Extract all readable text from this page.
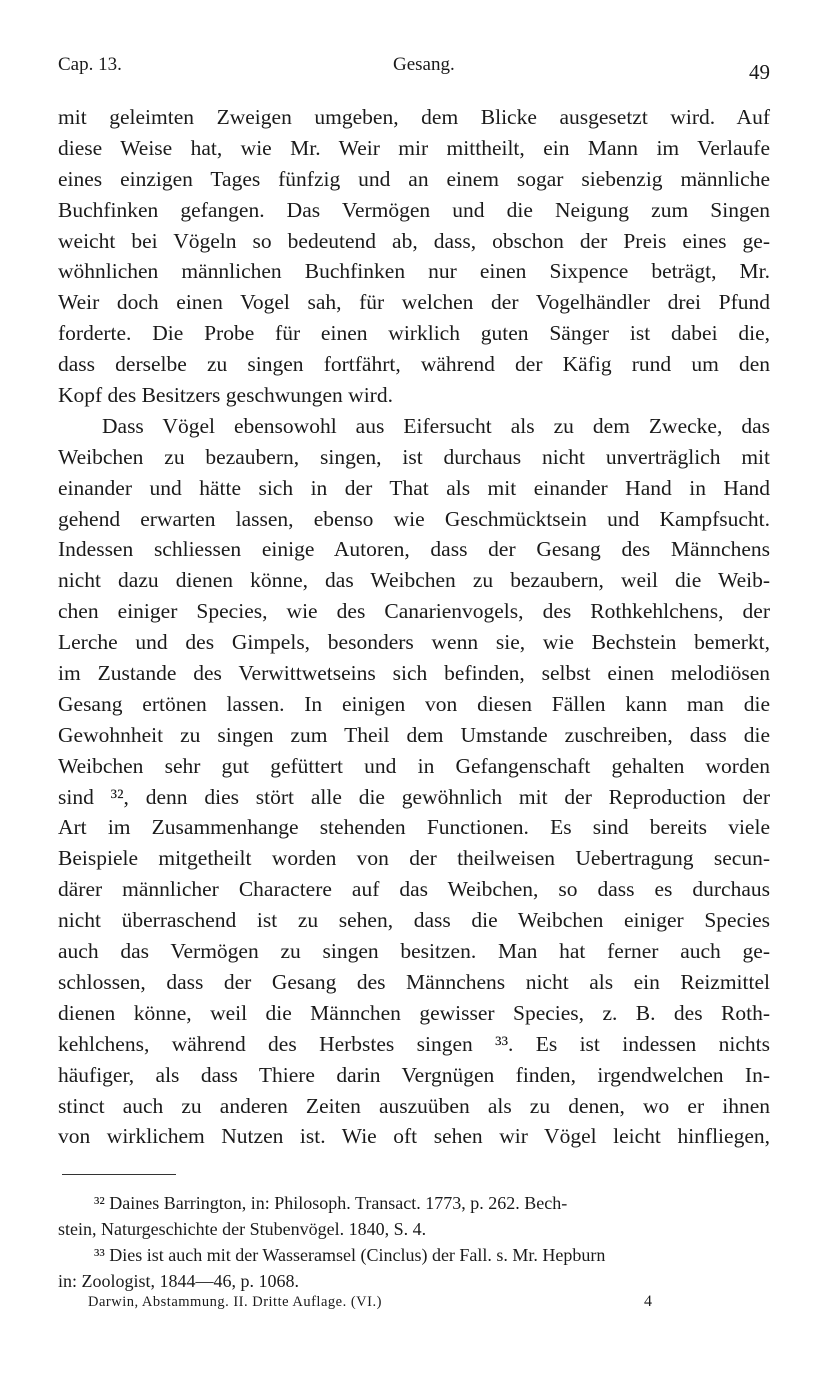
Cap. 13.	Gesang.	49
mit geleimten Zweigen umgeben, dem Blicke ausgesetzt wird. Auf
diese Weise hat, wie Mr. Weir mir mittheilt, ein Mann im Verlaufe
eines einzigen Tages fünfzig und an einem sogar siebenzig männliche
Buchfinken gefangen. Das Vermögen und die Neigung zum Singen
weicht bei Vögeln so bedeutend ab, dass, obschon der Preis eines ge-
wöhnlichen männlichen Buchfinken nur einen Sixpence beträgt, Mr.
Weir doch einen Vogel sah, für welchen der Vogelhändler drei Pfund
forderte. Die Probe für einen wirklich guten Sänger ist dabei die,
dass derselbe zu singen fortfährt, während der Käfig rund um den
Kopf des Besitzers geschwungen wird.
Dass Vögel ebensowohl aus Eifersucht als zu dem Zwecke, das
Weibchen zu bezaubern, singen, ist durchaus nicht unverträglich mit
einander und hätte sich in der That als mit einander Hand in Hand
gehend erwarten lassen, ebenso wie Geschmücktsein und Kampfsucht.
Indessen schliessen einige Autoren, dass der Gesang des Männchens
nicht dazu dienen könne, das Weibchen zu bezaubern, weil die Weib-
chen einiger Species, wie des Canarienvogels, des Rothkehlchens, der
Lerche und des Gimpels, besonders wenn sie, wie Bechstein bemerkt,
im Zustande des Verwittwetseins sich befinden, selbst einen melodiösen
Gesang ertönen lassen. In einigen von diesen Fällen kann man die
Gewohnheit zu singen zum Theil dem Umstande zuschreiben, dass die
Weibchen sehr gut gefüttert und in Gefangenschaft gehalten worden
sind ³², denn dies stört alle die gewöhnlich mit der Reproduction der
Art im Zusammenhange stehenden Functionen. Es sind bereits viele
Beispiele mitgetheilt worden von der theilweisen Uebertragung secun-
därer männlicher Charactere auf das Weibchen, so dass es durchaus
nicht überraschend ist zu sehen, dass die Weibchen einiger Species
auch das Vermögen zu singen besitzen. Man hat ferner auch ge-
schlossen, dass der Gesang des Männchens nicht als ein Reizmittel
dienen könne, weil die Männchen gewisser Species, z. B. des Roth-
kehlchens, während des Herbstes singen ³³. Es ist indessen nichts
häufiger, als dass Thiere darin Vergnügen finden, irgendwelchen In-
stinct auch zu anderen Zeiten auszuüben als zu denen, wo er ihnen
von wirklichem Nutzen ist. Wie oft sehen wir Vögel leicht hinfliegen,
³² Daines Barrington, in: Philosoph. Transact. 1773, p. 262. Bech-
stein, Naturgeschichte der Stubenvögel. 1840, S. 4.
³³ Dies ist auch mit der Wasseramsel (Cinclus) der Fall. s. Mr. Hepburn
in: Zoologist, 1844—46, p. 1068.
Darwin, Abstammung. II. Dritte Auflage. (VI.)	4
